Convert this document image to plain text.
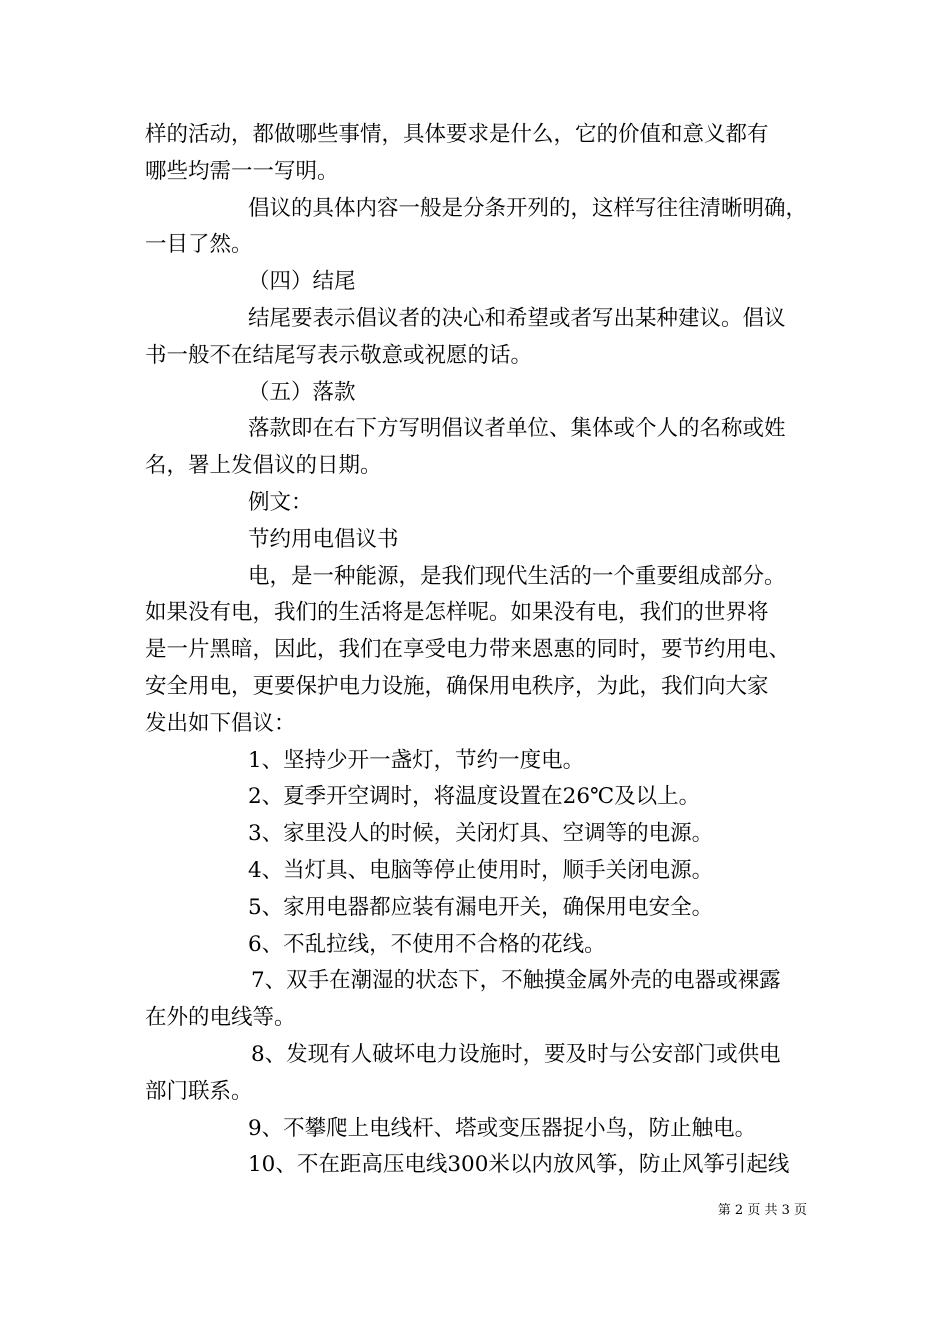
样的活动，都做哪些事情，具体要求是什么，它的价值和意义都有
哪些均需一一写明。
倡议的具体内容一般是分条开列的，这样写往往清晰明确，
一目了然。
（四）结尾
结尾要表示倡议者的决心和希望或者写出某种建议。倡议
书一般不在结尾写表示敬意或祝愿的话。
（五）落款
落款即在右下方写明倡议者单位、集体或个人的名称或姓
名，署上发倡议的日期。
例文：
节约用电倡议书
电，是一种能源，是我们现代生活的一个重要组成部分。
如果没有电，我们的生活将是怎样呢。如果没有电，我们的世界将
是一片黑暗，因此，我们在享受电力带来恩惠的同时，要节约用电、
安全用电，更要保护电力设施，确保用电秩序，为此，我们向大家
发出如下倡议：
1、坚持少开一盏灯，节约一度电。
2、夏季开空调时，将温度设置在26℃及以上。
3、家里没人的时候，关闭灯具、空调等的电源。
4、当灯具、电脑等停止使用时，顺手关闭电源。
5、家用电器都应装有漏电开关，确保用电安全。
6、不乱拉线，不使用不合格的花线。
7、双手在潮湿的状态下，不触摸金属外壳的电器或裸露
在外的电线等。
8、发现有人破坏电力设施时，要及时与公安部门或供电
部门联系。
9、不攀爬上电线杆、塔或变压器捉小鸟，防止触电。
10、不在距高压电线300米以内放风筝，防止风筝引起线
第 2 页 共 3 页
